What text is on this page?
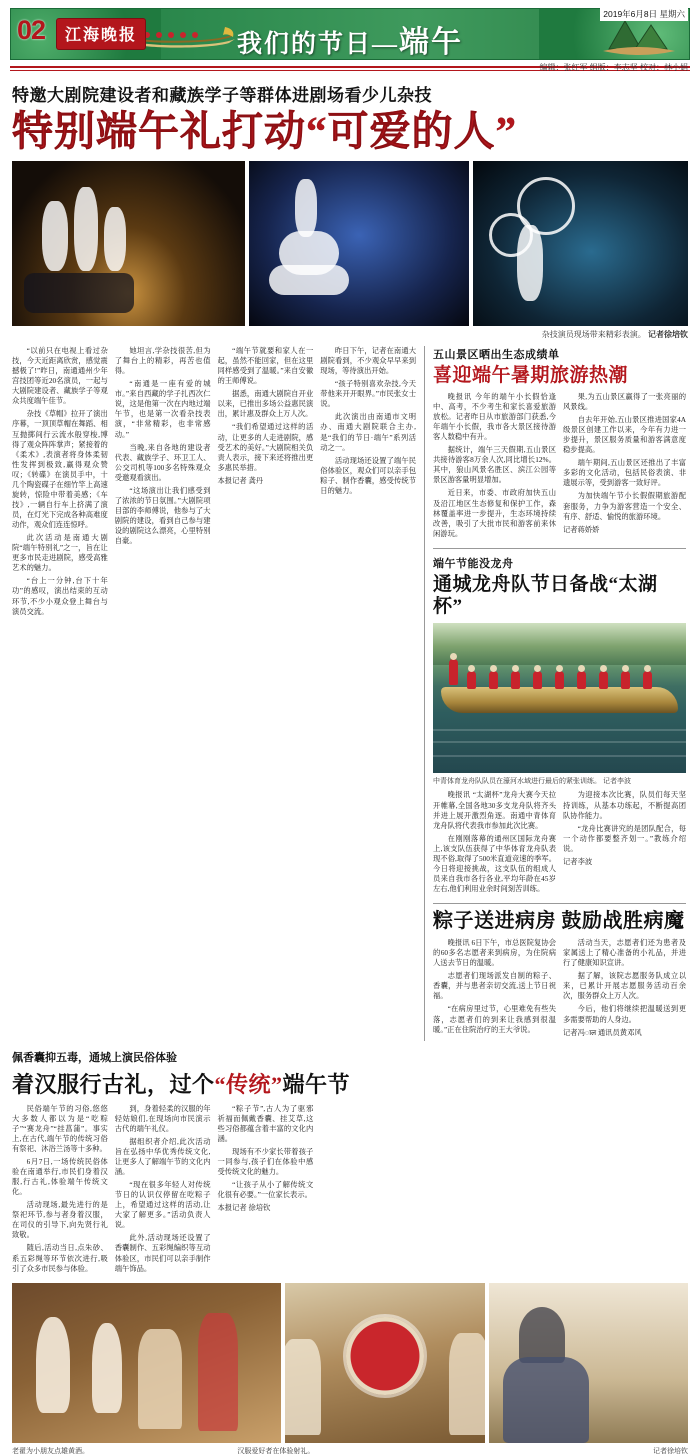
2019年6月8日 星期六
02	江海晚报	我们的节日—端午
编辑：张红军 组版：李志坚 校对：林小娟
特邀大剧院建设者和藏族学子等群体进剧场看少儿杂技
特别端午礼打动“可爱的人”
杂技演员现场带来精彩表演。 记者徐培钦

“以前只在电视上看过杂技，今天近距离欣赏，感觉震撼极了!”昨日，南通通州少年宫技团等近20名演员，一起与大剧院建设者、藏族学子等观众共度端午佳节。

杂技《草帽》拉开了演出序幕，一顶顶草帽在舞蹈、相互抛掷间行云流水般穿梭,博得了观众阵阵掌声；紧接着的《柔术》,表演者将身体柔韧性发挥到极致,赢得观众赞叹；《转碟》在演员手中，十几个陶瓷碟子在细竹竿上高速旋转，惊险中带着美感；《车技》,一辆自行车上挤满了演员，在灯光下完成各种高难度动作，观众们连连惊呼。

此次活动是南通大剧院“端午特别礼”之一，旨在让更多市民走进剧院，感受高雅艺术的魅力。

“台上一分钟,台下十年功”的感叹，演出结束的互动环节,不少小观众登上舞台与演员交流。

她坦言,学杂技很苦,但为了舞台上的精彩，再苦也值得。

“南通是一座有爱的城市。”来自西藏的学子扎西次仁说，这是他第一次在内地过端午节，也是第一次看杂技表演，“非常精彩，也非常感动。”

当晚,来自各地的建设者代表、藏族学子、环卫工人、公交司机等100多名特殊观众受邀观看演出。

“这场演出让我们感受到了浓浓的节日氛围。”大剧院项目部的李师傅说，他参与了大剧院的建设，看到自己参与建设的剧院这么漂亮，心里特别自豪。

“端午节就要和家人在一起，虽然不能回家，但在这里同样感受到了温暖。”来自安徽的王师傅说。

据悉，南通大剧院自开业以来，已推出多场公益惠民演出，累计惠及群众上万人次。

“我们希望通过这样的活动，让更多的人走进剧院，感受艺术的美好。”大剧院相关负责人表示，接下来还将推出更多惠民举措。

本报记者 龚丹

昨日下午，记者在南通大剧院看到，不少观众早早来到现场，等待演出开始。

“孩子特别喜欢杂技,今天带他来开开眼界。”市民张女士说。

此次演出由南通市文明办、南通大剧院联合主办,是“我们的节日·端午”系列活动之一。

活动现场还设置了端午民俗体验区，观众们可以亲手包粽子、制作香囊，感受传统节日的魅力。

五山景区晒出生态成绩单
喜迎端午暑期旅游热潮

晚报讯 今年的端午小长假恰逢中、高考，不少考生和家长喜爱旅游放松。记者昨日从市旅游部门获悉,今年端午小长假，我市各大景区接待游客人数稳中有升。

据统计，端午三天假期,五山景区共接待游客8万余人次,同比增长12%。其中，狼山风景名胜区、滨江公园等景区游客量明显增加。

近日来，市委、市政府加快五山及沿江地区生态修复和保护工作，森林覆盖率进一步提升，生态环境持续改善，吸引了大批市民和游客前来休闲游玩。

果,为五山景区赢得了一张亮丽的风景线。

自去年开始,五山景区推进国家4A级景区创建工作以来，今年有力进一步提升，景区服务质量和游客满意度稳步提高。

端午期间,五山景区还推出了丰富多彩的文化活动，包括民俗表演、非遗展示等，受到游客一致好评。

为加快端午节小长假假期旅游配套服务，力争为游客营造一个安全、有序、舒适、愉悦的旅游环境。

记者蒋娇娇

端午节能没龙舟
通城龙舟队节日备战“太湖杯”
中青体育龙舟队队员在濠河水域进行最后的紧张训练。 记者李波

晚报讯 “太湖杯”龙舟大赛今天拉开帷幕,全国各地30多支龙舟队将齐头并进上展开激烈角逐。南通中青体育龙舟队将代表我市参加此次比赛。

在刚刚落幕的通州区国际龙舟赛上,该支队伍获得了中华体育龙舟队表现不俗,取得了500米直道竞速的季军。今日将迎接挑战，这支队伍的组成人员来自我市各行各业,平均年龄在45岁左右,他们利用业余时间刻苦训练。

为迎接本次比赛，队员们每天坚持训练，从基本功练起，不断提高团队协作能力。

“龙舟比赛讲究的是团队配合，每一个动作都要整齐划一。”教练介绍说。

记者李波

粽子送进病房 鼓励战胜病魔

晚报讯 6日下午，市总医院复协会的60多名志愿者来到病房，为住院病人送去节日的温暖。

志愿者们现场派发自制的粽子、香囊，并与患者亲切交流,送上节日祝福。

“在病房里过节，心里难免有些失落，志愿者们的到来让我感到很温暖。”正在住院治疗的王大爷说。

活动当天，志愿者们还为患者及家属送上了精心准备的小礼品，并进行了健康知识宣讲。

据了解，该院志愿服务队成立以来，已累计开展志愿服务活动百余次，服务群众上万人次。

今后，他们将继续把温暖送到更多需要帮助的人身边。

记者冯ाल 通讯员黄邓风

佩香囊抑五毒，通城上演民俗体验
着汉服行古礼，过个“传统”端午节

民俗端午节的习俗,悠悠大多数人都以为是“吃粽子”“赛龙舟”“挂菖蒲”。事实上,在古代,端午节的传统习俗有祭祀、沐浴兰汤等十多种。

6月7日,一场传统民俗体验在南通举行,市民们身着汉服,行古礼,体验端午传统文化。

活动现场,最先进行的是祭祀环节,参与者身着汉服，在司仪的引导下,向先贤行礼致敬。

随后,活动当日,点朱砂、系五彩绳等环节依次进行,吸引了众多市民参与体验。

到，身着轻柔的汉服的年轻姑娘们,在现场向市民演示古代的端午礼仪。

据组织者介绍,此次活动旨在弘扬中华优秀传统文化,让更多人了解端午节的文化内涵。

“现在很多年轻人对传统节日的认识仅停留在吃粽子上，希望通过这样的活动,让大家了解更多。”活动负责人说。

此外,活动现场还设置了香囊制作、五彩绳编织等互动体验区，市民们可以亲手制作端午饰品。

“粽子节”,古人为了驱邪祈福而佩戴香囊、挂艾草,这些习俗都蕴含着丰富的文化内涵。

现场有不少家长带着孩子一同参与,孩子们在体验中感受传统文化的魅力。

“让孩子从小了解传统文化很有必要。”一位家长表示。

本报记者 徐培钦

老翟为小朋友点雄黄酒。	汉服爱好者在体验射礼。	记者徐培钦
